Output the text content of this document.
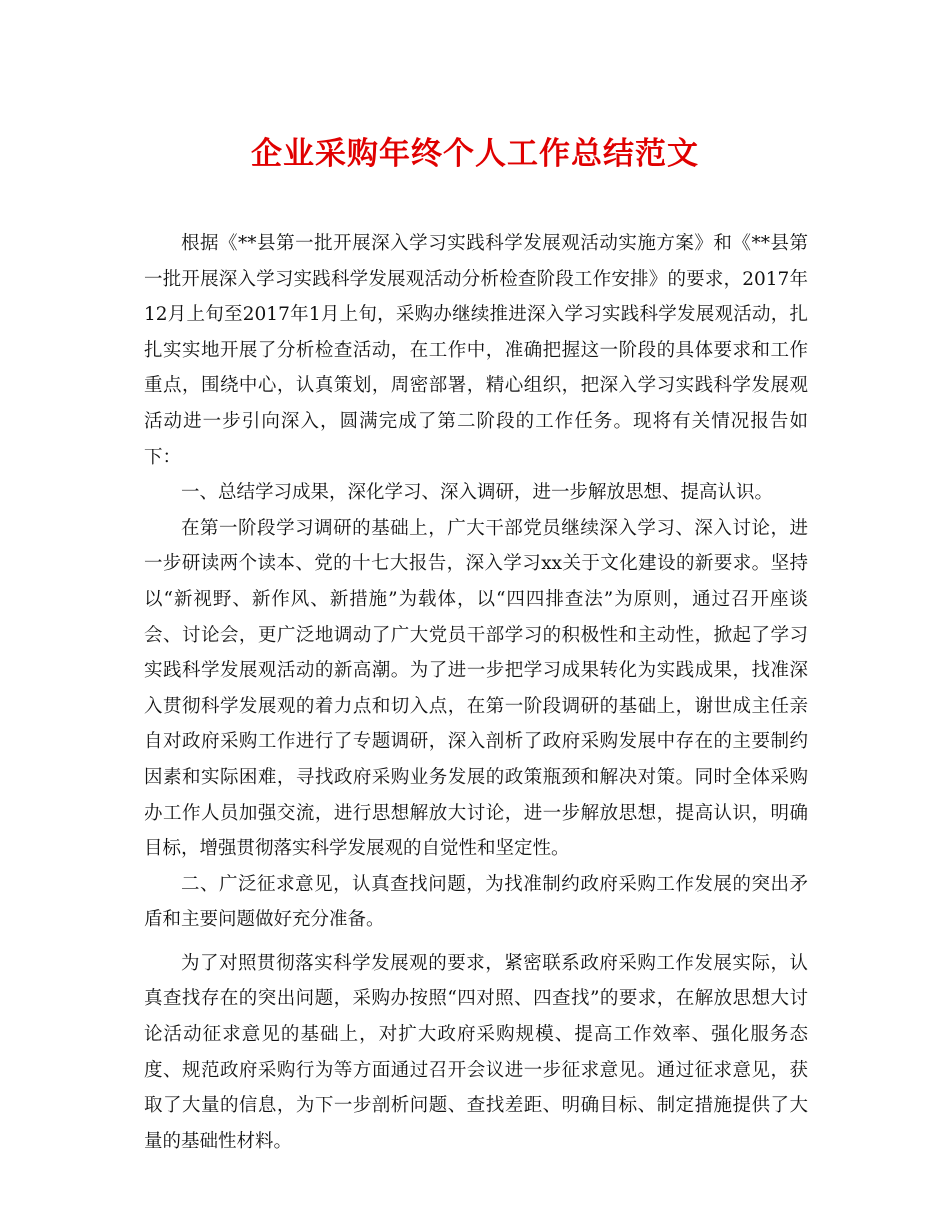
企业采购年终个人工作总结范文

根据《**县第一批开展深入学习实践科学发展观活动实施方案》和《**县第一批开展深入学习实践科学发展观活动分析检查阶段工作安排》的要求，2017年12月上旬至2017年1月上旬，采购办继续推进深入学习实践科学发展观活动，扎扎实实地开展了分析检查活动，在工作中，准确把握这一阶段的具体要求和工作重点，围绕中心，认真策划，周密部署，精心组织，把深入学习实践科学发展观活动进一步引向深入，圆满完成了第二阶段的工作任务。现将有关情况报告如下：

一、总结学习成果，深化学习、深入调研，进一步解放思想、提高认识。

在第一阶段学习调研的基础上，广大干部党员继续深入学习、深入讨论，进一步研读两个读本、党的十七大报告，深入学习xx关于文化建设的新要求。坚持以“新视野、新作风、新措施”为载体，以“四四排查法”为原则，通过召开座谈会、讨论会，更广泛地调动了广大党员干部学习的积极性和主动性，掀起了学习实践科学发展观活动的新高潮。为了进一步把学习成果转化为实践成果，找准深入贯彻科学发展观的着力点和切入点，在第一阶段调研的基础上，谢世成主任亲自对政府采购工作进行了专题调研，深入剖析了政府采购发展中存在的主要制约因素和实际困难，寻找政府采购业务发展的政策瓶颈和解决对策。同时全体采购办工作人员加强交流，进行思想解放大讨论，进一步解放思想，提高认识，明确目标，增强贯彻落实科学发展观的自觉性和坚定性。

二、广泛征求意见，认真查找问题，为找准制约政府采购工作发展的突出矛盾和主要问题做好充分准备。

为了对照贯彻落实科学发展观的要求，紧密联系政府采购工作发展实际，认真查找存在的突出问题，采购办按照“四对照、四查找”的要求，在解放思想大讨论活动征求意见的基础上，对扩大政府采购规模、提高工作效率、强化服务态度、规范政府采购行为等方面通过召开会议进一步征求意见。通过征求意见，获取了大量的信息，为下一步剖析问题、查找差距、明确目标、制定措施提供了大量的基础性材料。
